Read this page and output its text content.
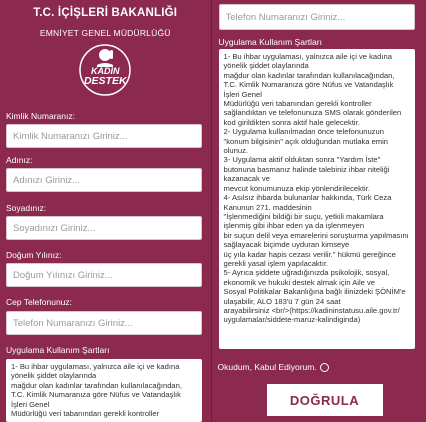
T.C. İÇİŞLERİ BAKANLIĞI
EMNİYET GENEL MÜDÜRLÜĞÜ
KADIN
DESTEK
Kimlik Numaranız:
Kimlik Numaranızı Giriniz...
Adınız:
Adınızı Giriniz...
Soyadınız:
Soyadınızı Giriniz...
Doğum Yılınız:
Doğum Yılınızı Giriniz...
Cep Telefonunuz:
Telefon Numaranızı Giriniz...
Uygulama Kullanım Şartları

1- Bu ihbar uygulaması, yalnızca aile içi ve kadına yönelik şiddet olaylarında
mağdur olan kadınlar tarafından kullanılacağından,
T.C. Kimlik Numaranıza göre Nüfus ve Vatandaşlık İşleri Genel
Müdürlüğü veri tabanından gerekli kontroller

Telefon Numaranızı Giriniz...
Uygulama Kullanım Şartları

1- Bu ihbar uygulaması, yalnızca aile içi ve kadına yönelik şiddet olaylarında
mağdur olan kadınlar tarafından kullanılacağından,
T.C. Kimlik Numaranıza göre Nüfus ve Vatandaşlık İşleri Genel
Müdürlüğü veri tabanından gerekli kontroller sağlandıktan ve telefonunuza SMS olarak gönderilen kod girildikten sonra aktif hale gelecektir.
2- Uygulama kullanılmadan önce telefonunuzun "konum bilgisinin" açık olduğundan mutlaka emin olunuz.
3- Uygulama aktif olduktan sonra "Yardım İste" butonuna basmanız halinde talebiniz ihbar niteliği kazanacak ve
mevcut konumunuza ekip yönlendirilecektir.
4- Asılsız ihbarda bulunanlar hakkında, Türk Ceza Kanunun 271. maddesinin
"İşlenmediğini bildiği bir suçu, yetkili makamlara işlenmiş gibi ihbar eden ya da işlenmeyen
bir suçun delil veya emarelerini soruşturma yapılmasını sağlayacak biçimde uyduran kimseye
üç yıla kadar hapis cezası verilir." hükmü gereğince gerekli yasal işlem yapılacaktır.
5- Ayrıca şiddete uğradığınızda psikolojik, sosyal, ekonomik ve hukuki destek almak için Aile ve
Sosyal Politikalar Bakanlığına bağlı ilinizdeki ŞÖNİM'e ulaşabilir, ALO 183'ü 7 gün 24 saat
arayabilirsiniz <br/>(https://kadininstatusu.aile.gov.tr/ uygulamalar/siddete-maruz-kalindiginda)

Okudum, Kabul Ediyorum.
DOĞRULA
